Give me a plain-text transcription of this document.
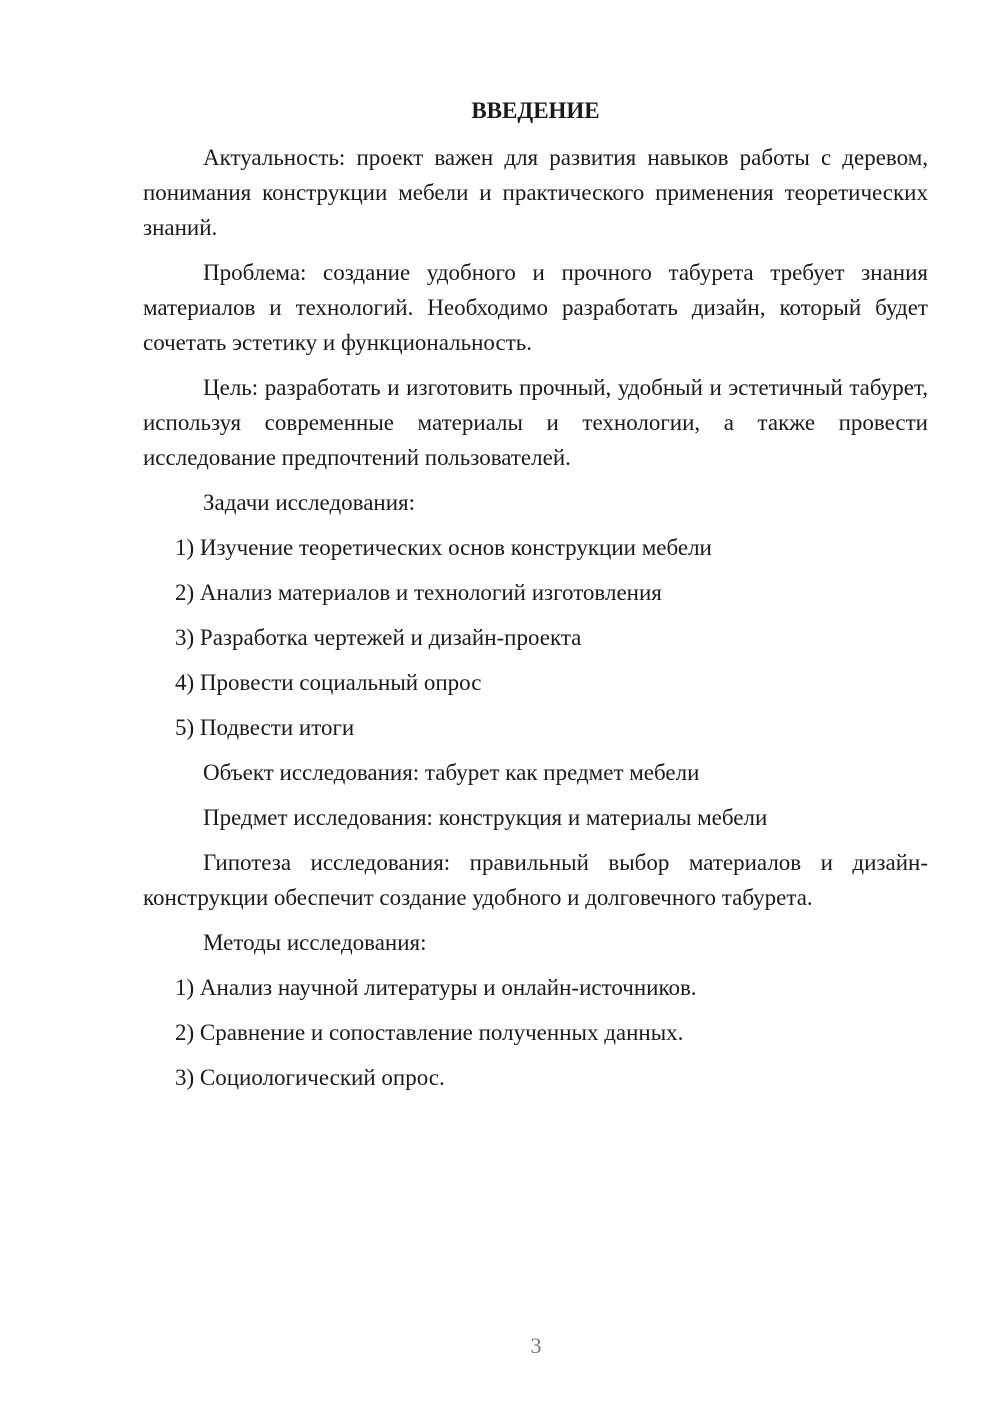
ВВЕДЕНИЕ
Актуальность: проект важен для развития навыков работы с деревом, понимания конструкции мебели и практического применения теоретических знаний.
Проблема: создание удобного и прочного табурета требует знания материалов и технологий. Необходимо разработать дизайн, который будет сочетать эстетику и функциональность.
Цель: разработать и изготовить прочный, удобный и эстетичный табурет, используя современные материалы и технологии, а также провести исследование предпочтений пользователей.
Задачи исследования:
1) Изучение теоретических основ конструкции мебели
2) Анализ материалов и технологий изготовления
3) Разработка чертежей и дизайн-проекта
4) Провести социальный опрос
5) Подвести итоги
Объект исследования: табурет как предмет мебели
Предмет исследования: конструкция и материалы мебели
Гипотеза исследования: правильный выбор материалов и дизайн-конструкции обеспечит создание удобного и долговечного табурета.
Методы исследования:
1) Анализ научной литературы и онлайн-источников.
2) Сравнение и сопоставление полученных данных.
3) Социологический опрос.
3
